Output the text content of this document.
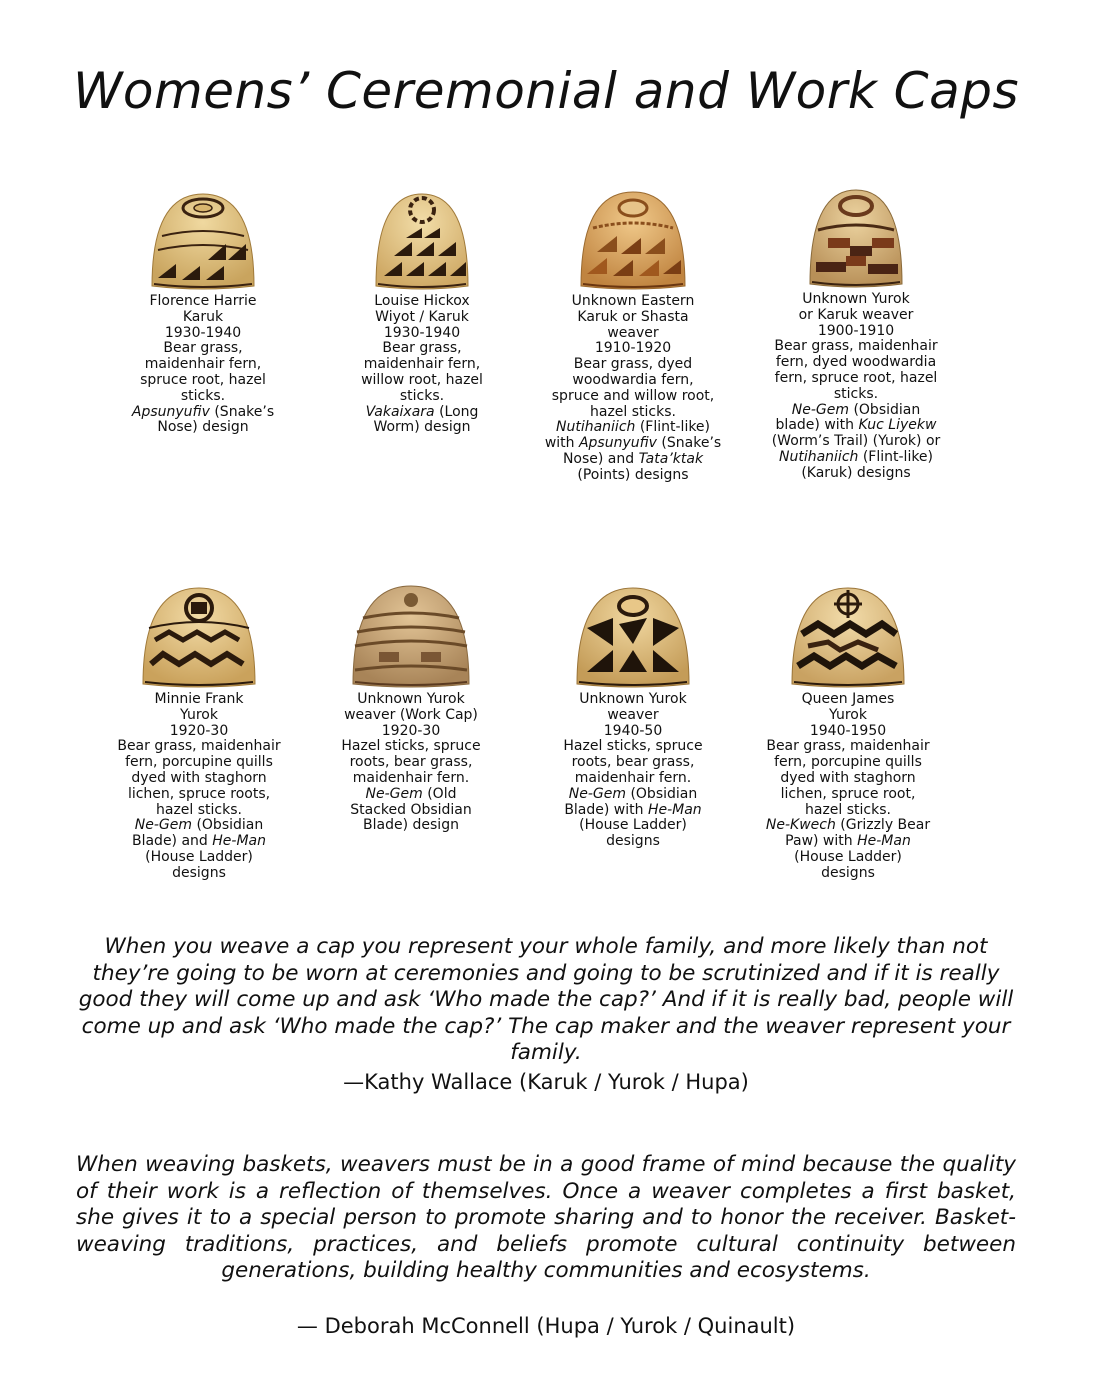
Womens’ Ceremonial and Work Caps
Florence Harrie
Karuk
1930-1940
Bear grass,
maidenhair fern,
spruce root, hazel
sticks.
Apsunyufiv (Snake’s
Nose) design
Louise Hickox
Wiyot / Karuk
1930-1940
Bear grass,
maidenhair fern,
willow root, hazel
sticks.
Vakaixara (Long
Worm) design
Unknown Eastern
Karuk or Shasta
weaver
1910-1920
Bear grass, dyed
woodwardia fern,
spruce and willow root,
hazel sticks.
Nutihaniich (Flint-like)
with Apsunyufiv (Snake’s
Nose) and Tata’ktak
(Points) designs
Unknown Yurok
or Karuk weaver
1900-1910
Bear grass, maidenhair
fern, dyed woodwardia
fern, spruce root, hazel
sticks.
Ne-Gem (Obsidian
blade) with Kuc Liyekw
(Worm’s Trail) (Yurok) or
Nutihaniich (Flint-like)
(Karuk) designs
Minnie Frank
Yurok
1920-30
Bear grass, maidenhair
fern, porcupine quills
dyed with staghorn
lichen, spruce roots,
hazel sticks.
Ne-Gem (Obsidian
Blade) and He-Man
(House Ladder)
designs
Unknown Yurok
weaver (Work Cap)
1920-30
Hazel sticks, spruce
roots, bear grass,
maidenhair fern.
Ne-Gem (Old
Stacked Obsidian
Blade) design
Unknown Yurok
weaver
1940-50
Hazel sticks, spruce
roots, bear grass,
maidenhair fern.
Ne-Gem (Obsidian
Blade) with He-Man
(House Ladder)
designs
Queen James
Yurok
1940-1950
Bear grass, maidenhair
fern, porcupine quills
dyed with staghorn
lichen, spruce root,
hazel sticks.
Ne-Kwech (Grizzly Bear
Paw) with He-Man
(House Ladder)
designs
When you weave a cap you represent your whole family, and more likely than not they’re going to be worn at ceremonies and going to be scrutinized and if it is really good they will come up and ask ‘Who made the cap?’ And if it is really bad, people will come up and ask ‘Who made the cap?’ The cap maker and the weaver represent your family.
—Kathy Wallace (Karuk / Yurok / Hupa)
When weaving baskets, weavers must be in a good frame of mind because the quality of their work is a reflection of themselves. Once a weaver completes a first basket, she gives it to a special person to promote sharing and to honor the receiver. Basket-weaving traditions, practices, and beliefs promote cultural continuity between generations, building healthy communities and ecosystems.
— Deborah McConnell (Hupa / Yurok / Quinault)
